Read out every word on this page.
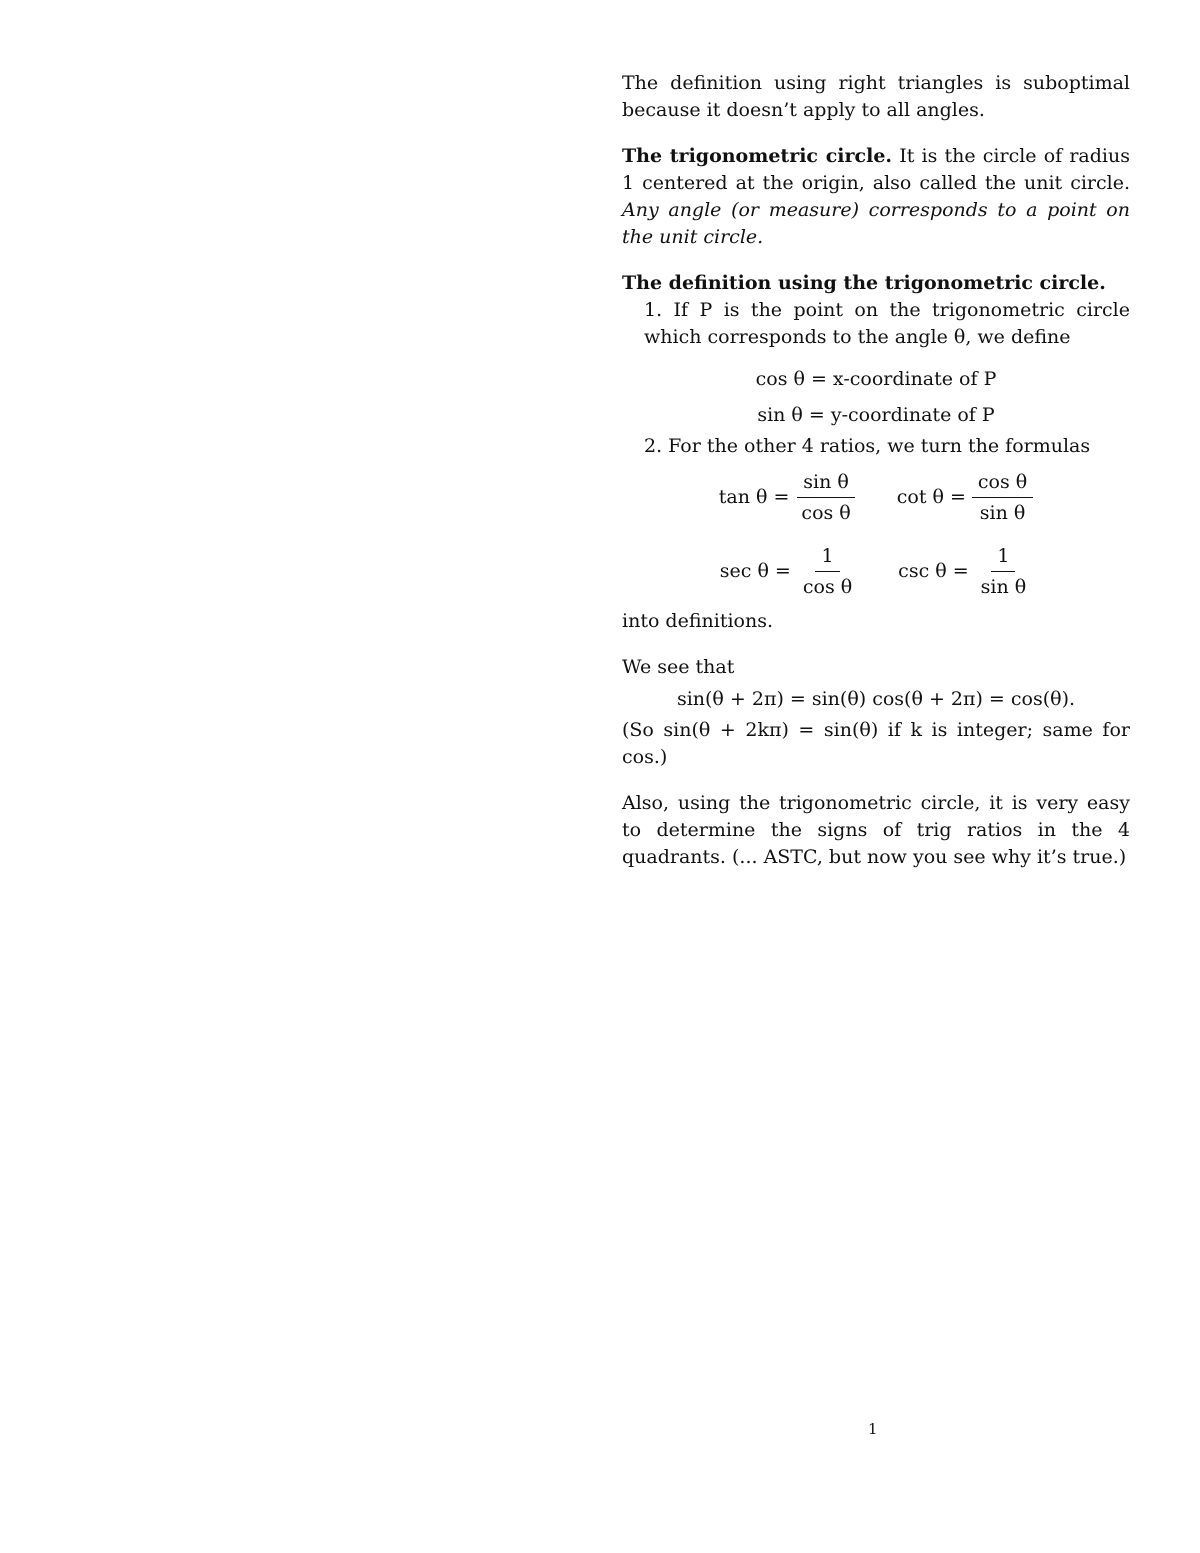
The definition using right triangles is suboptimal because it doesn’t apply to all angles.

The trigonometric circle. It is the circle of radius 1 centered at the origin, also called the unit circle. Any angle (or measure) corresponds to a point on the unit circle.

The definition using the trigonometric circle.

1. If P is the point on the trigonometric circle which corresponds to the angle θ, we define

cos θ = x-coordinate of P
sin θ = y-coordinate of P

2. For the other 4 ratios, we turn the formulas

$\tan \theta = \frac{\text{sin θ}}{\text{cos θ}}$ $\cot \theta = \frac{\text{cos θ}}{\text{sin θ}}$
$\sec \theta = \frac{1}{\text{cos θ}}$ $\csc \theta = \frac{1}{\text{sin θ}}$

into definitions.

We see that

sin(θ + 2π) = sin(θ) cos(θ + 2π) = cos(θ).

(So sin(θ + 2kπ) = sin(θ) if k is integer; same for cos.)

Also, using the trigonometric circle, it is very easy to determine the signs of trig ratios in the 4 quadrants. (... ASTC, but now you see why it’s true.)

1
